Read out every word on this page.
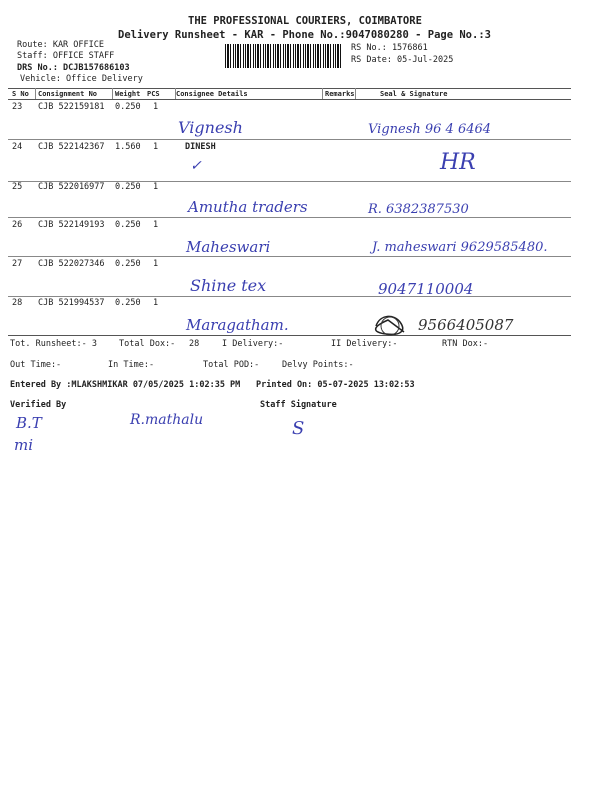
THE PROFESSIONAL COURIERS, COIMBATORE
Delivery Runsheet - KAR - Phone No.:9047080280 - Page No.:3
Route: KAR OFFICE
Staff: OFFICE STAFF
DRS No.: DCJB157686103
Vehicle: Office Delivery
RS No.: 1576861
RS Date: 05-Jul-2025
S No Consignment No	Weight PCS Consignee Details	Remarks	Seal & Signature
23 CJB 522159181 0.250 1
Vignesh	Vignesh 96 4 6464
24 CJB 522142367 1.560 1	DINESH
✓	HR
25 CJB 522016977 0.250 1
Amutha traders	R. 6382387530
26 CJB 522149193 0.250 1
Maheswari	J. maheswari 9629585480.
27 CJB 522027346 0.250 1
Shine tex	9047110004
28 CJB 521994537 0.250 1
Maragatham.	9566405087
Tot. Runsheet:- 3	Total Dox:- 28	I Delivery:-	II Delivery:-	RTN Dox:-
Out Time:-	In Time:-	Total POD:-	Delvy Points:-
Entered By :MLAKSHMIKAR 07/05/2025 1:02:35 PM Printed On: 05-07-2025 13:02:53
Verified By	Staff Signature
B.T
mi
R.mathalu	S
